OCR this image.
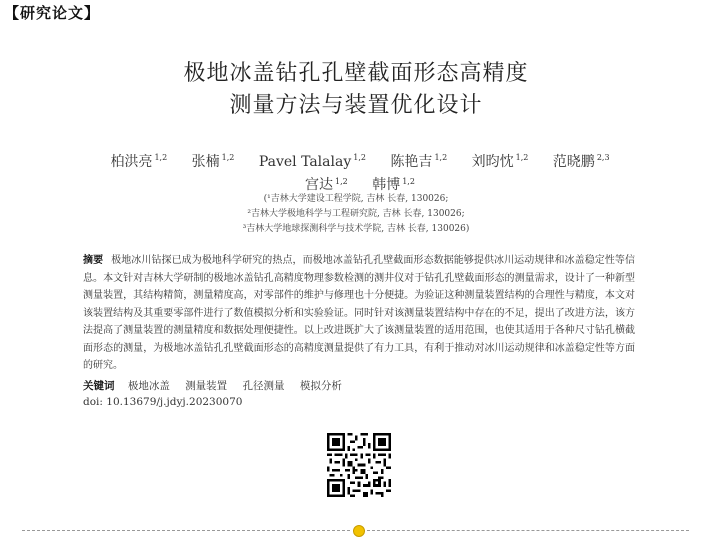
【研究论文】
极地冰盖钻孔孔壁截面形态高精度
测量方法与装置优化设计
柏洪亮 $^{1,2}$ 张楠 $^{1,2}$ Pavel Talalay $^{1,2}$ 陈艳吉 $^{1,2}$ 刘昀忱 $^{1,2}$ 范晓鹏 $^{2,3}$
宫达 $^{1,2}$ 韩博 $^{1,2}$
(¹吉林大学建设工程学院, 吉林 长春, 130026;
²吉林大学极地科学与工程研究院, 吉林 长春, 130026;
³吉林大学地球探测科学与技术学院, 吉林 长春, 130026)
摘要 极地冰川钻探已成为极地科学研究的热点，而极地冰盖钻孔孔壁截面形态数据能够提供冰川运动规律和冰盖稳定性等信息。本文针对吉林大学研制的极地冰盖钻孔高精度物理参数检测的测井仪对于钻孔孔壁截面形态的测量需求，设计了一种新型测量装置，其结构精简，测量精度高，对零部件的维护与修理也十分便捷。为验证这种测量装置结构的合理性与精度，本文对该装置结构及其重要零部件进行了数值模拟分析和实验验证。同时针对该测量装置结构中存在的不足，提出了改进方法，该方法提高了测量装置的测量精度和数据处理便捷性。以上改进既扩大了该测量装置的适用范围，也使其适用于各种尺寸钻孔横截面形态的测量，为极地冰盖钻孔孔壁截面形态的高精度测量提供了有力工具，有利于推动对冰川运动规律和冰盖稳定性等方面的研究。
关键词 极地冰盖 测量装置 孔径测量 模拟分析
doi: 10.13679/j.jdyj.20230070
